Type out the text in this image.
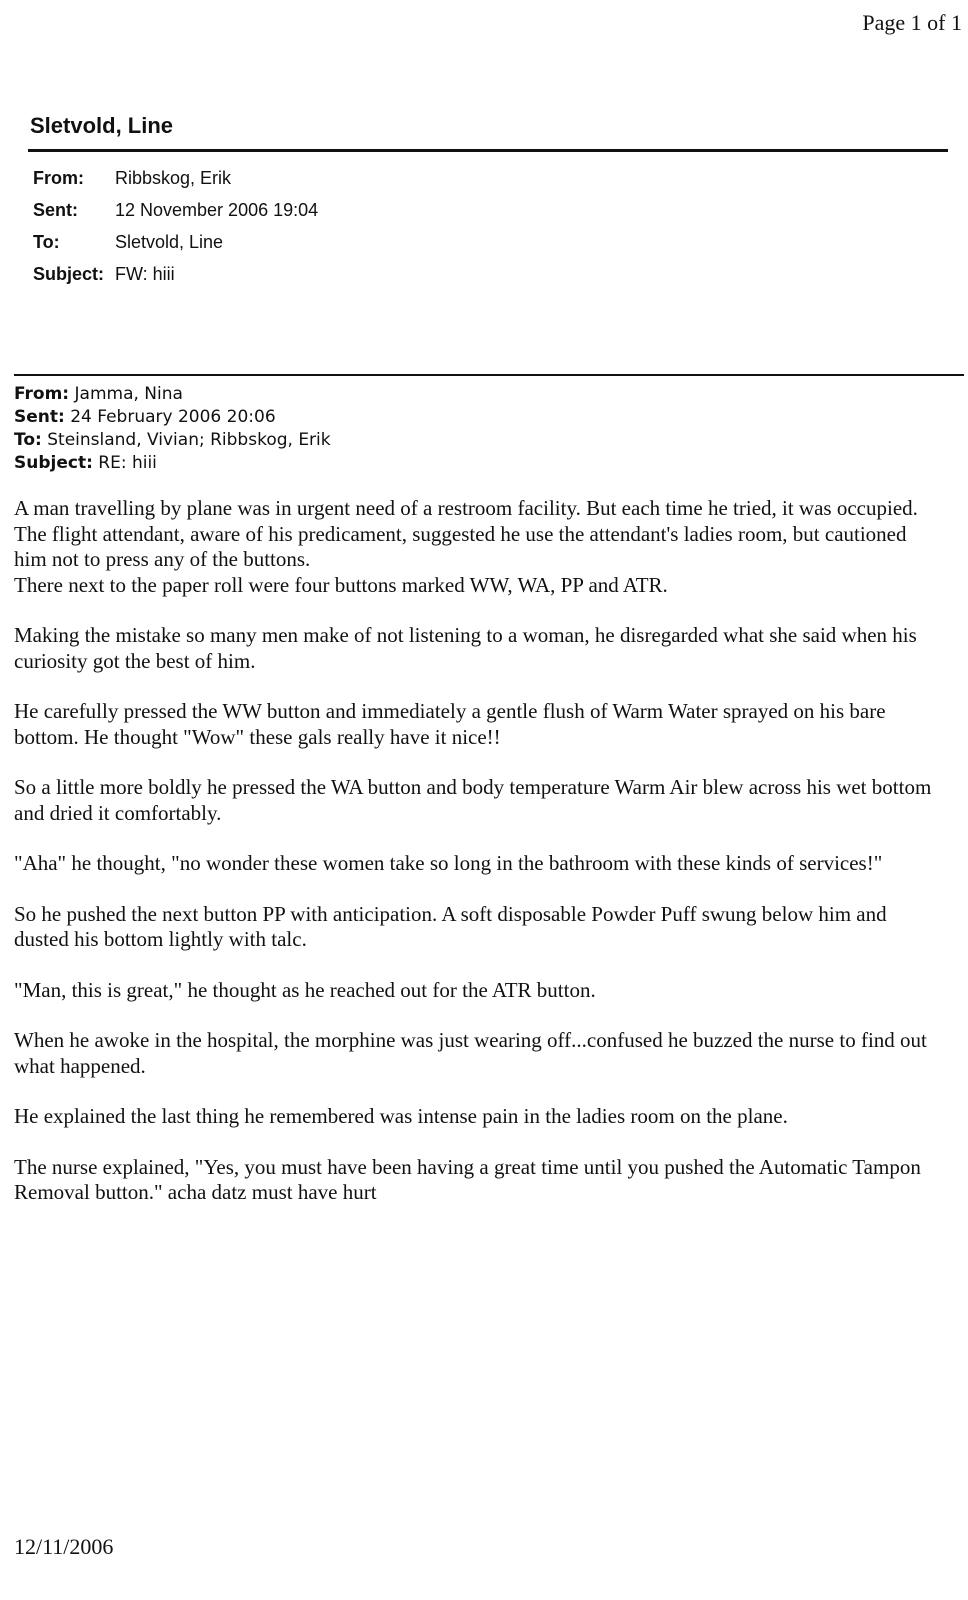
Page 1 of 1
Sletvold, Line
From:	Ribbskog, Erik
Sent:	12 November 2006 19:04
To:	Sletvold, Line
Subject: FW: hiii
From: Jamma, Nina
Sent: 24 February 2006 20:06
To: Steinsland, Vivian; Ribbskog, Erik
Subject: RE: hiii

A man travelling by plane was in urgent need of a restroom facility. But each time he tried, it was occupied. The flight attendant, aware of his predicament, suggested he use the attendant's ladies room, but cautioned him not to press any of the buttons.

There next to the paper roll were four buttons marked WW, WA, PP and ATR.

Making the mistake so many men make of not listening to a woman, he disregarded what she said when his curiosity got the best of him.

He carefully pressed the WW button and immediately a gentle flush of Warm Water sprayed on his bare bottom. He thought "Wow" these gals really have it nice!!

So a little more boldly he pressed the WA button and body temperature Warm Air blew across his wet bottom and dried it comfortably.

"Aha" he thought, "no wonder these women take so long in the bathroom with these kinds of services!"

So he pushed the next button PP with anticipation. A soft disposable Powder Puff swung below him and dusted his bottom lightly with talc.

"Man, this is great," he thought as he reached out for the ATR button.

When he awoke in the hospital, the morphine was just wearing off...confused he buzzed the nurse to find out what happened.

He explained the last thing he remembered was intense pain in the ladies room on the plane.

The nurse explained, "Yes, you must have been having a great time until you pushed the Automatic Tampon Removal button." acha datz must have hurt

12/11/2006
